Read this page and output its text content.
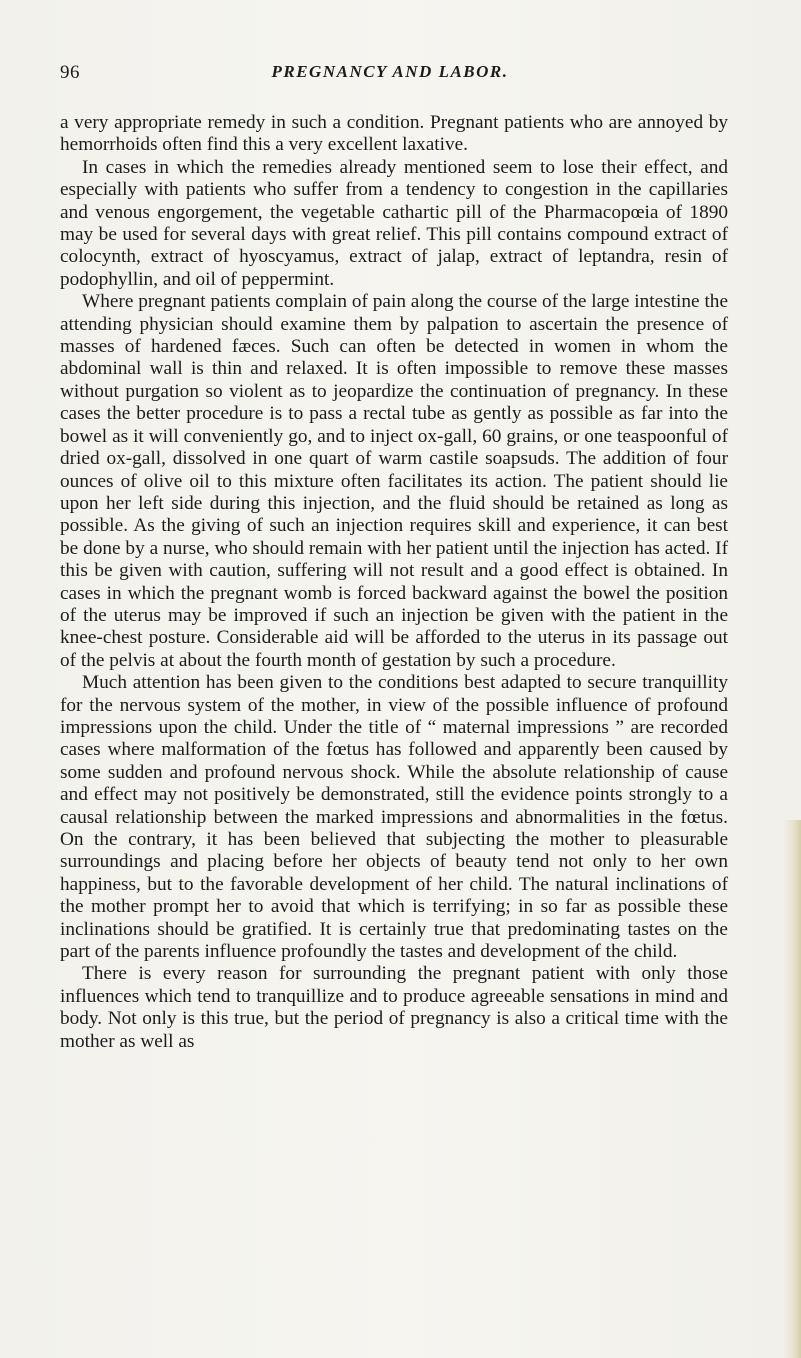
96	PREGNANCY AND LABOR.

a very appropriate remedy in such a condition. Pregnant patients who are annoyed by hemorrhoids often find this a very excellent laxative.

In cases in which the remedies already mentioned seem to lose their effect, and especially with patients who suffer from a tendency to congestion in the capillaries and venous engorgement, the vegetable cathartic pill of the Pharmacopœia of 1890 may be used for several days with great relief. This pill contains compound extract of colocynth, extract of hyoscyamus, extract of jalap, extract of leptandra, resin of podophyllin, and oil of peppermint.

Where pregnant patients complain of pain along the course of the large intestine the attending physician should examine them by palpation to ascertain the presence of masses of hardened fæces. Such can often be detected in women in whom the abdominal wall is thin and relaxed. It is often impossible to remove these masses without purgation so violent as to jeopardize the continuation of pregnancy. In these cases the better procedure is to pass a rectal tube as gently as possible as far into the bowel as it will conveniently go, and to inject ox-gall, 60 grains, or one teaspoonful of dried ox-gall, dissolved in one quart of warm castile soapsuds. The addition of four ounces of olive oil to this mixture often facilitates its action. The patient should lie upon her left side during this injection, and the fluid should be retained as long as possible. As the giving of such an injection requires skill and experience, it can best be done by a nurse, who should remain with her patient until the injection has acted. If this be given with caution, suffering will not result and a good effect is obtained. In cases in which the pregnant womb is forced backward against the bowel the position of the uterus may be improved if such an injection be given with the patient in the knee-chest posture. Considerable aid will be afforded to the uterus in its passage out of the pelvis at about the fourth month of gestation by such a procedure.

Much attention has been given to the conditions best adapted to secure tranquillity for the nervous system of the mother, in view of the possible influence of profound impressions upon the child. Under the title of “ maternal impressions ” are recorded cases where malformation of the fœtus has followed and apparently been caused by some sudden and profound nervous shock. While the absolute relationship of cause and effect may not positively be demonstrated, still the evidence points strongly to a causal relationship between the marked impressions and abnormalities in the fœtus. On the contrary, it has been believed that subjecting the mother to pleasurable surroundings and placing before her objects of beauty tend not only to her own happiness, but to the favorable development of her child. The natural inclinations of the mother prompt her to avoid that which is terrifying; in so far as possible these inclinations should be gratified. It is certainly true that predominating tastes on the part of the parents influence profoundly the tastes and development of the child.

There is every reason for surrounding the pregnant patient with only those influences which tend to tranquillize and to produce agreeable sensations in mind and body. Not only is this true, but the period of pregnancy is also a critical time with the mother as well as
